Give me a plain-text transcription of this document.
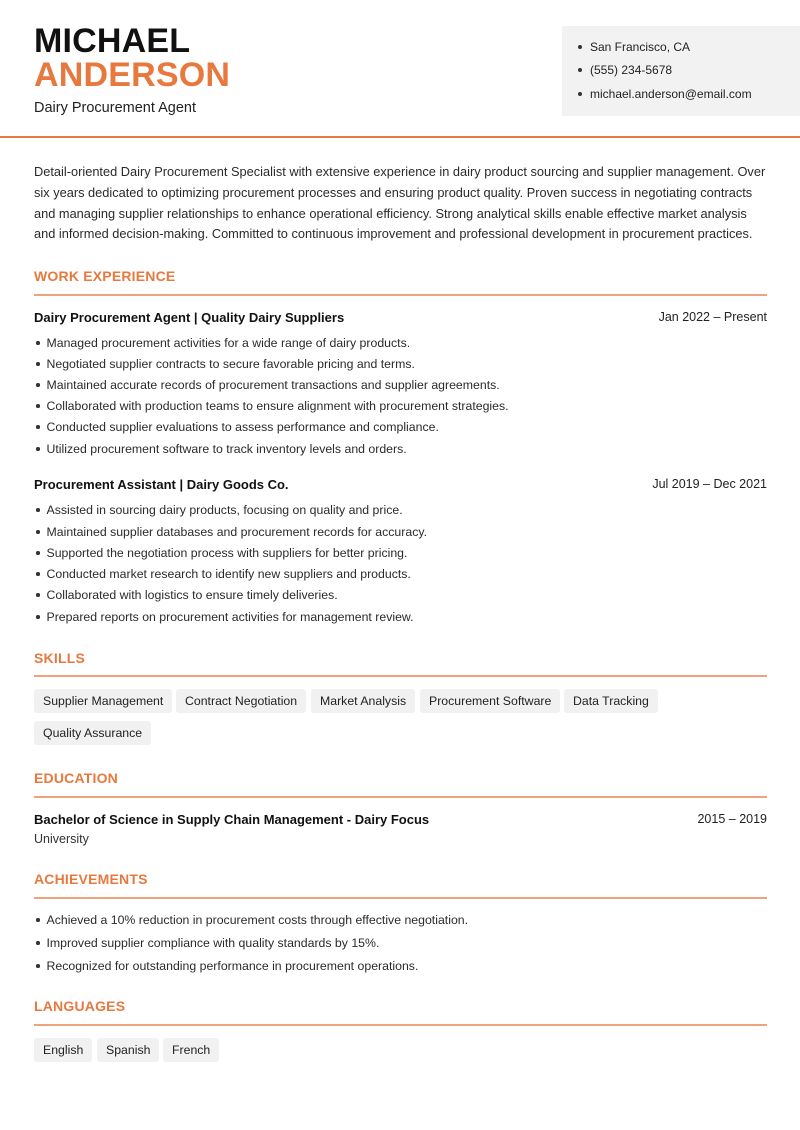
MICHAEL
ANDERSON
Dairy Procurement Agent
San Francisco, CA
(555) 234-5678
michael.anderson@email.com
Detail-oriented Dairy Procurement Specialist with extensive experience in dairy product sourcing and supplier management. Over six years dedicated to optimizing procurement processes and ensuring product quality. Proven success in negotiating contracts and managing supplier relationships to enhance operational efficiency. Strong analytical skills enable effective market analysis and informed decision-making. Committed to continuous improvement and professional development in procurement practices.
WORK EXPERIENCE
Dairy Procurement Agent | Quality Dairy Suppliers	Jan 2022 – Present
Managed procurement activities for a wide range of dairy products.
Negotiated supplier contracts to secure favorable pricing and terms.
Maintained accurate records of procurement transactions and supplier agreements.
Collaborated with production teams to ensure alignment with procurement strategies.
Conducted supplier evaluations to assess performance and compliance.
Utilized procurement software to track inventory levels and orders.
Procurement Assistant | Dairy Goods Co.	Jul 2019 – Dec 2021
Assisted in sourcing dairy products, focusing on quality and price.
Maintained supplier databases and procurement records for accuracy.
Supported the negotiation process with suppliers for better pricing.
Conducted market research to identify new suppliers and products.
Collaborated with logistics to ensure timely deliveries.
Prepared reports on procurement activities for management review.
SKILLS
Supplier Management	Contract Negotiation	Market Analysis	Procurement Software	Data Tracking
Quality Assurance
EDUCATION
Bachelor of Science in Supply Chain Management - Dairy Focus	2015 – 2019
University
ACHIEVEMENTS
Achieved a 10% reduction in procurement costs through effective negotiation.
Improved supplier compliance with quality standards by 15%.
Recognized for outstanding performance in procurement operations.
LANGUAGES
English	Spanish	French
